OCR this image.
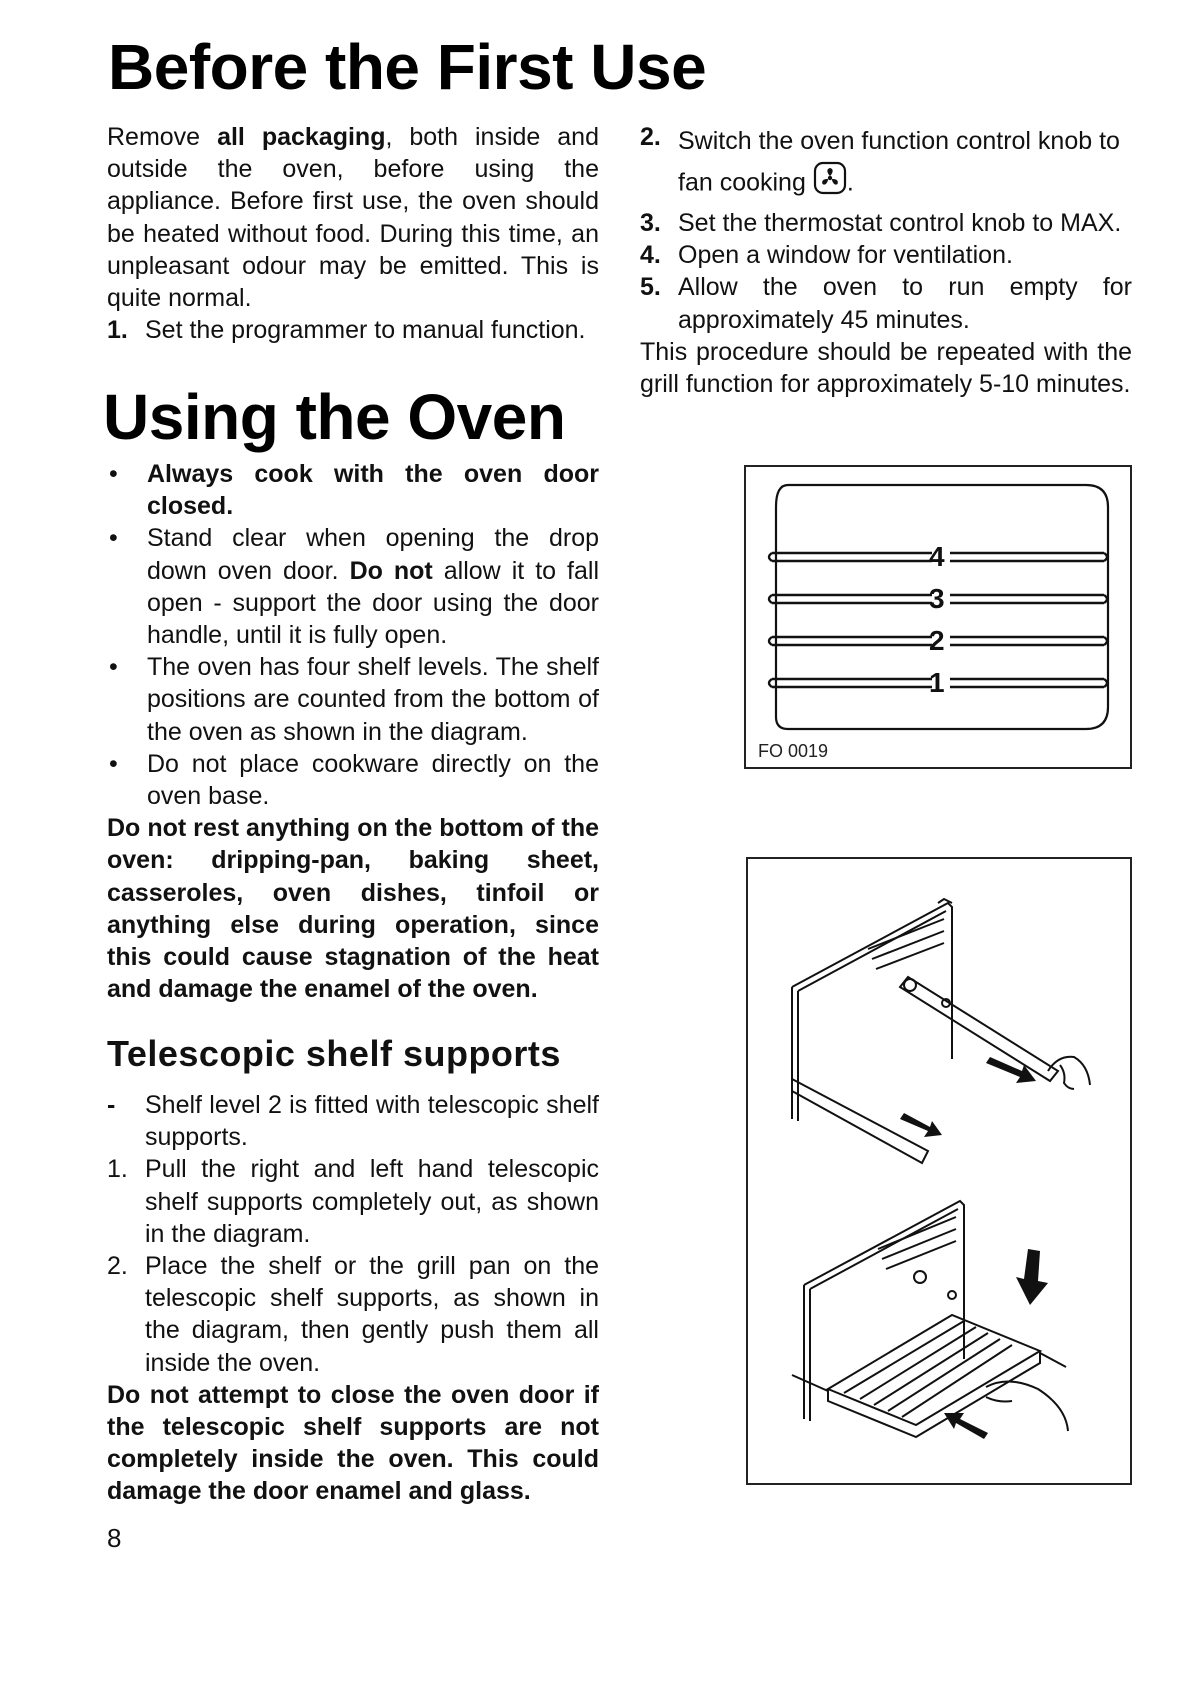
Before the First Use

Remove all packaging, both inside and outside the oven, before using the appliance. Before first use, the oven should be heated without food. During this time, an unpleasant odour may be emitted. This is quite normal.

1. Set the programmer to manual function.
2. Switch the oven function control knob to fan cooking .
3. Set the thermostat control knob to MAX.
4. Open a window for ventilation.
5. Allow the oven to run empty for approximately 45 minutes.

This procedure should be repeated with the grill function for approximately 5-10 minutes.

Using the Oven
•	Always cook with the oven door closed.
•	Stand clear when opening the drop down oven door. Do not allow it to fall open - support the door using the door handle, until it is fully open.
•	The oven has four shelf levels. The shelf positions are counted from the bottom of the oven as shown in the diagram.
•	Do not place cookware directly on the oven base.

Do not rest anything on the bottom of the oven: dripping-pan, baking sheet, casseroles, oven dishes, tinfoil or anything else during operation, since this could cause stagnation of the heat and damage the enamel of the oven.

Telescopic shelf supports
-	Shelf level 2 is fitted with telescopic shelf supports.
1. Pull the right and left hand telescopic shelf supports completely out, as shown in the diagram.
2. Place the shelf or the grill pan on the telescopic shelf supports, as shown in the diagram, then gently push them all inside the oven.

Do not attempt to close the oven door if the telescopic shelf supports are not completely inside the oven. This could damage the door enamel and glass.

4
3
2
1
FO 0019
8
